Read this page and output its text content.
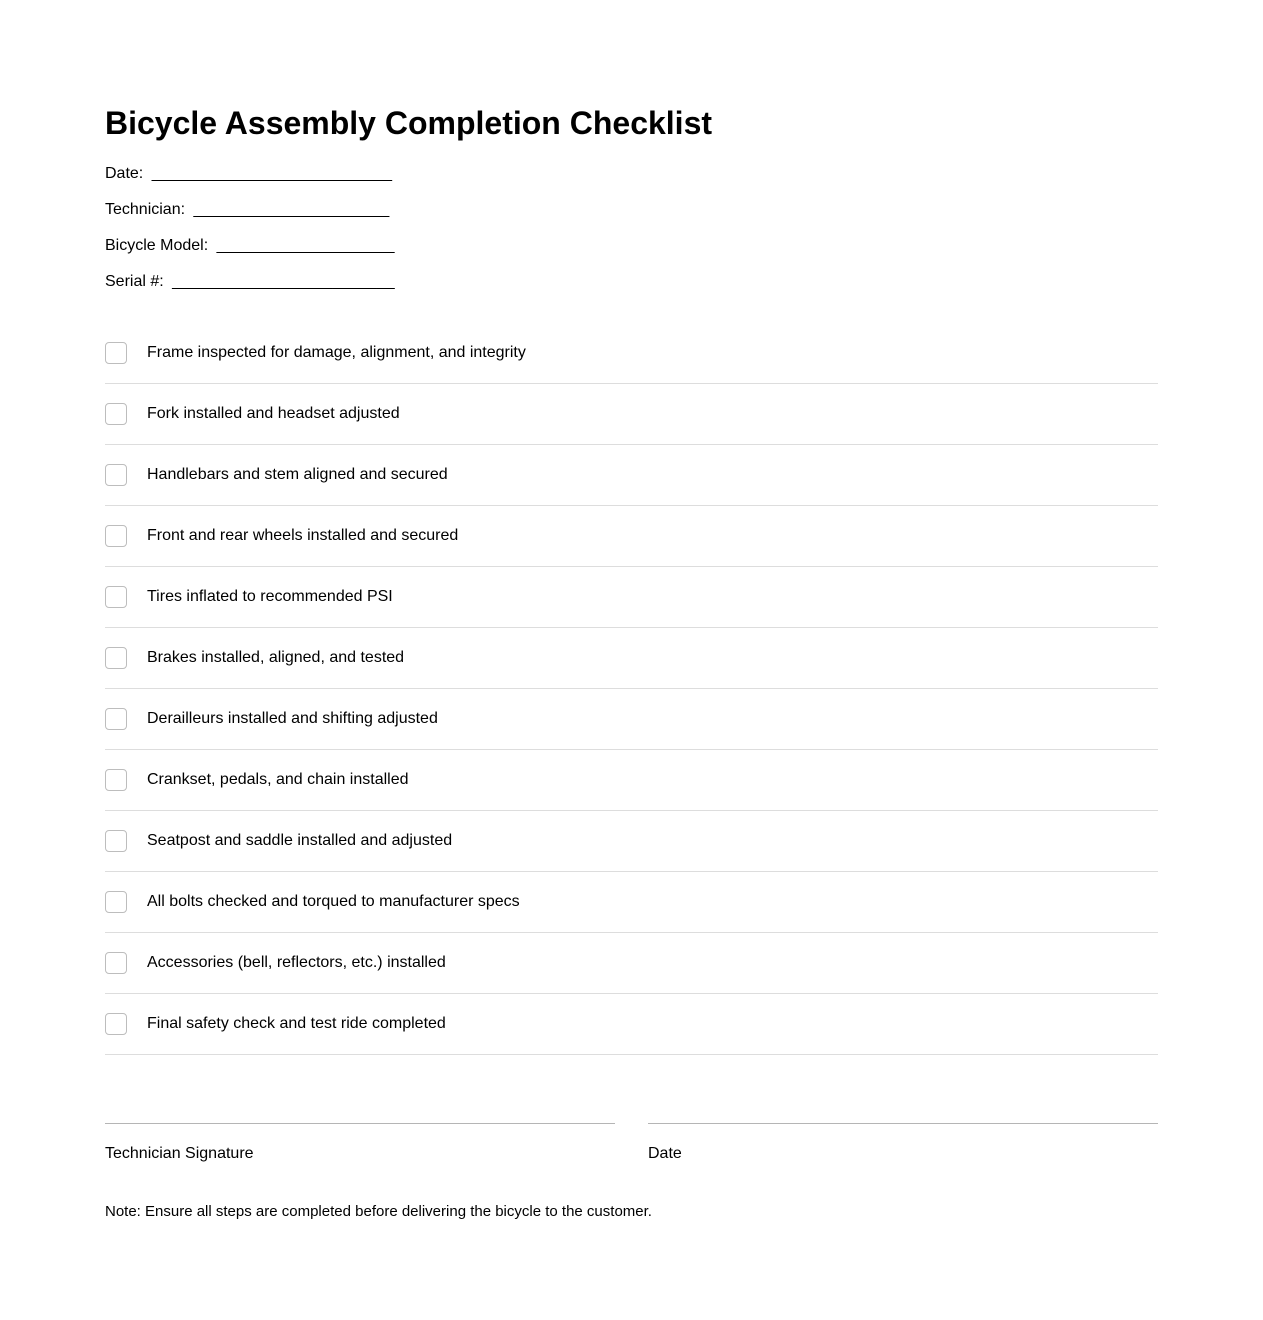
Bicycle Assembly Completion Checklist
Date: ___________________________
Technician: ______________________
Bicycle Model: ____________________
Serial #: _________________________
Frame inspected for damage, alignment, and integrity
Fork installed and headset adjusted
Handlebars and stem aligned and secured
Front and rear wheels installed and secured
Tires inflated to recommended PSI
Brakes installed, aligned, and tested
Derailleurs installed and shifting adjusted
Crankset, pedals, and chain installed
Seatpost and saddle installed and adjusted
All bolts checked and torqued to manufacturer specs
Accessories (bell, reflectors, etc.) installed
Final safety check and test ride completed
Technician Signature	Date
Note: Ensure all steps are completed before delivering the bicycle to the customer.
